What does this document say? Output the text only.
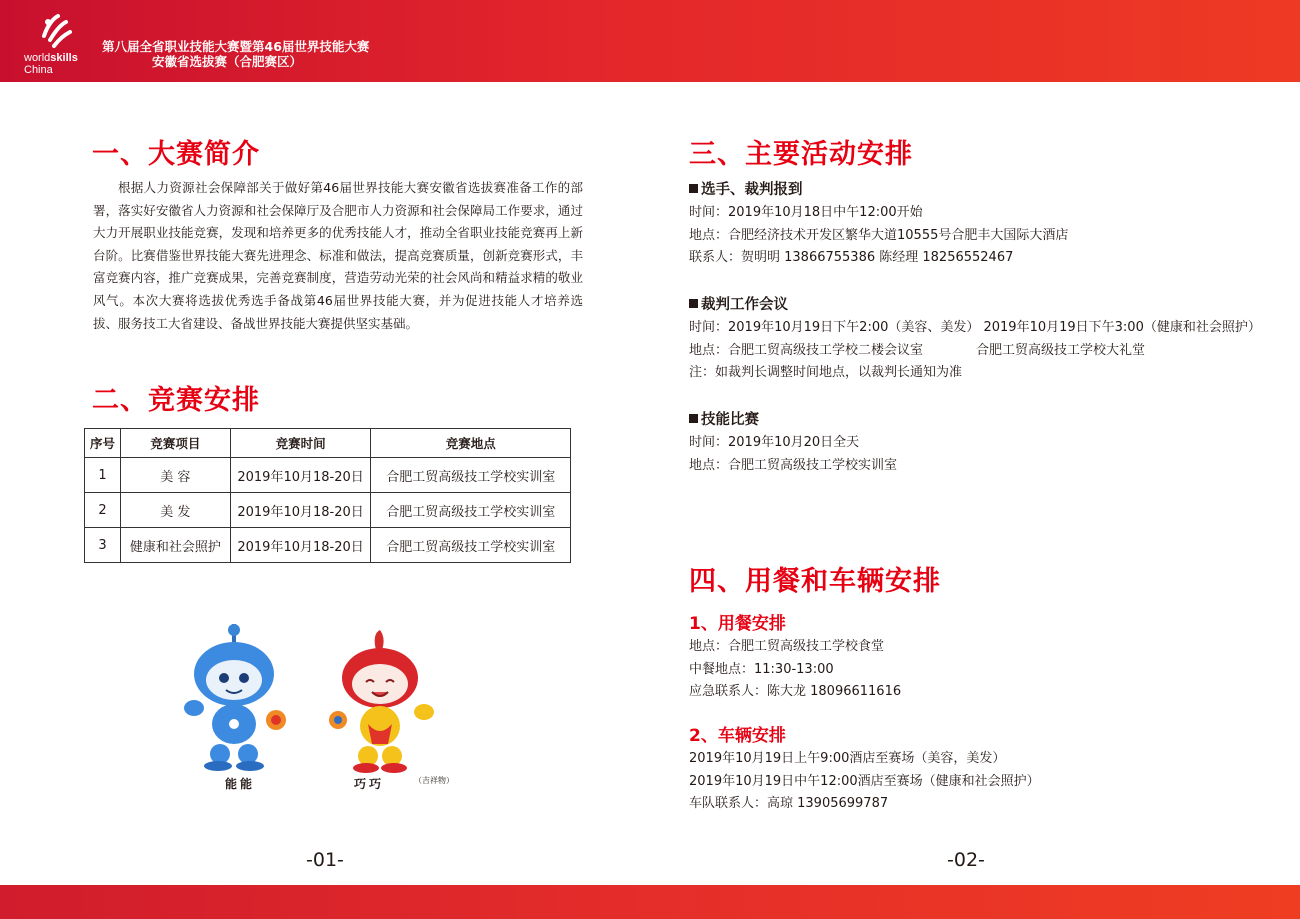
worldskills
China
第八届全省职业技能大赛暨第46届世界技能大赛
安徽省选拔赛（合肥赛区）
一、大赛简介

根据人力资源社会保障部关于做好第46届世界技能大赛安徽省选拔赛准备工作的部署，落实好安徽省人力资源和社会保障厅及合肥市人力资源和社会保障局工作要求，通过大力开展职业技能竞赛，发现和培养更多的优秀技能人才，推动全省职业技能竞赛再上新台阶。比赛借鉴世界技能大赛先进理念、标准和做法，提高竞赛质量，创新竞赛形式，丰富竞赛内容，推广竞赛成果，完善竞赛制度，营造劳动光荣的社会风尚和精益求精的敬业风气。本次大赛将选拔优秀选手备战第46届世界技能大赛，并为促进技能人才培养选拔、服务技工大省建设、备战世界技能大赛提供坚实基础。

二、竞赛安排
序号	竞赛项目	竞赛时间	竞赛地点
1	美 容	2019年10月18-20日	合肥工贸高级技工学校实训室
2	美 发	2019年10月18-20日	合肥工贸高级技工学校实训室
3	健康和社会照护	2019年10月18-20日	合肥工贸高级技工学校实训室
能能	巧巧	（吉祥物）
-01-
三、主要活动安排
选手、裁判报到
时间：2019年10月18日中午12:00开始
地点：合肥经济技术开发区繁华大道10555号合肥丰大国际大酒店
联系人：贺明明 13866755386 陈经理 18256552467
裁判工作会议
时间：2019年10月19日下午2:00（美容、美发） 2019年10月19日下午3:00（健康和社会照护）
地点：合肥工贸高级技工学校二楼会议室	合肥工贸高级技工学校大礼堂
注：如裁判长调整时间地点，以裁判长通知为准
技能比赛
时间：2019年10月20日全天
地点：合肥工贸高级技工学校实训室
四、用餐和车辆安排
1、用餐安排
地点：合肥工贸高级技工学校食堂
中餐地点：11:30-13:00
应急联系人：陈大龙 18096611616
2、车辆安排
2019年10月19日上午9:00酒店至赛场（美容，美发）
2019年10月19日中午12:00酒店至赛场（健康和社会照护）
车队联系人：高琼 13905699787
-02-
